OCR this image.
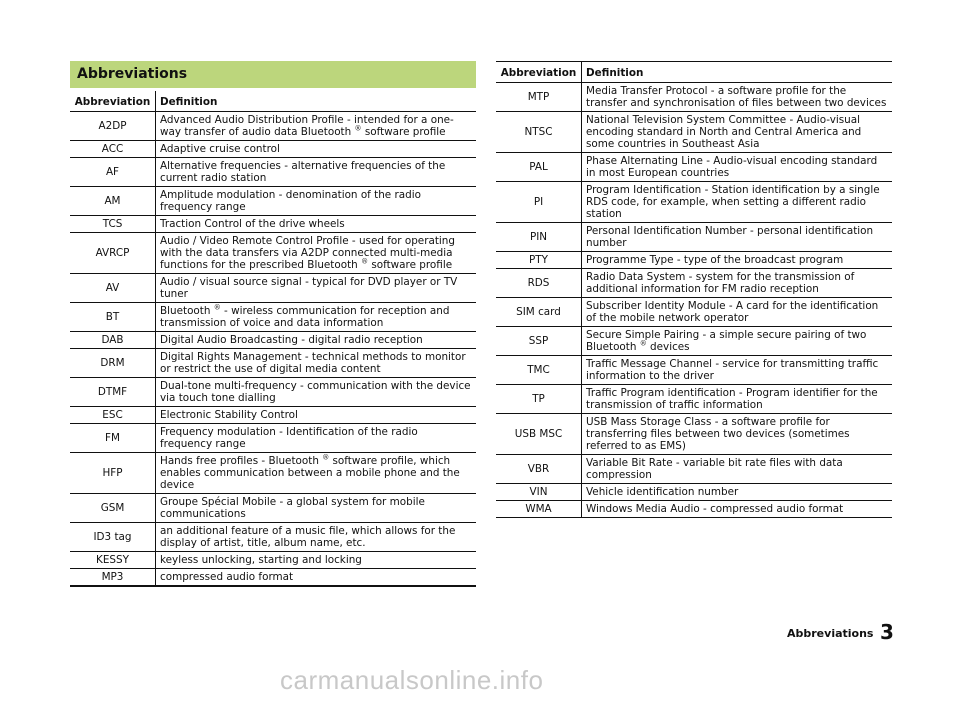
Abbreviations
Abbreviation	Definition
A2DP	Advanced Audio Distribution Profile - intended for a one-way transfer of audio data Bluetooth ® software profile
ACC	Adaptive cruise control
AF	Alternative frequencies - alternative frequencies of the current radio station
AM	Amplitude modulation - denomination of the radio frequency range
TCS	Traction Control of the drive wheels
AVRCP	Audio / Video Remote Control Profile - used for operating with the data transfers via A2DP connected multi-media functions for the prescribed Bluetooth ® software profile
AV	Audio / visual source signal - typical for DVD player or TV tuner
BT	Bluetooth ® - wireless communication for reception and transmission of voice and data information
DAB	Digital Audio Broadcasting - digital radio reception
DRM	Digital Rights Management - technical methods to monitor or restrict the use of digital media content
DTMF	Dual-tone multi-frequency - communication with the device via touch tone dialling
ESC	Electronic Stability Control
FM	Frequency modulation - Identification of the radio frequency range
HFP	Hands free profiles - Bluetooth ® software profile, which enables communication between a mobile phone and the device
GSM	Groupe Spécial Mobile - a global system for mobile communications
ID3 tag	an additional feature of a music file, which allows for the display of artist, title, album name, etc.
KESSY	keyless unlocking, starting and locking
MP3	compressed audio format
Abbreviation	Definition
MTP	Media Transfer Protocol - a software profile for the transfer and synchronisation of files between two devices
NTSC	National Television System Committee - Audio-visual encoding standard in North and Central America and some countries in Southeast Asia
PAL	Phase Alternating Line - Audio-visual encoding standard in most European countries
PI	Program Identification - Station identification by a single RDS code, for example, when setting a different radio station
PIN	Personal Identification Number - personal identification number
PTY	Programme Type - type of the broadcast program
RDS	Radio Data System - system for the transmission of additional information for FM radio reception
SIM card	Subscriber Identity Module - A card for the identification of the mobile network operator
SSP	Secure Simple Pairing - a simple secure pairing of two Bluetooth ® devices
TMC	Traffic Message Channel - service for transmitting traffic information to the driver
TP	Traffic Program identification - Program identifier for the transmission of traffic information
USB MSC	USB Mass Storage Class - a software profile for transferring files between two devices (sometimes referred to as EMS)
VBR	Variable Bit Rate - variable bit rate files with data compression
VIN	Vehicle identification number
WMA	Windows Media Audio - compressed audio format
Abbreviations 3
carmanualsonline.info
